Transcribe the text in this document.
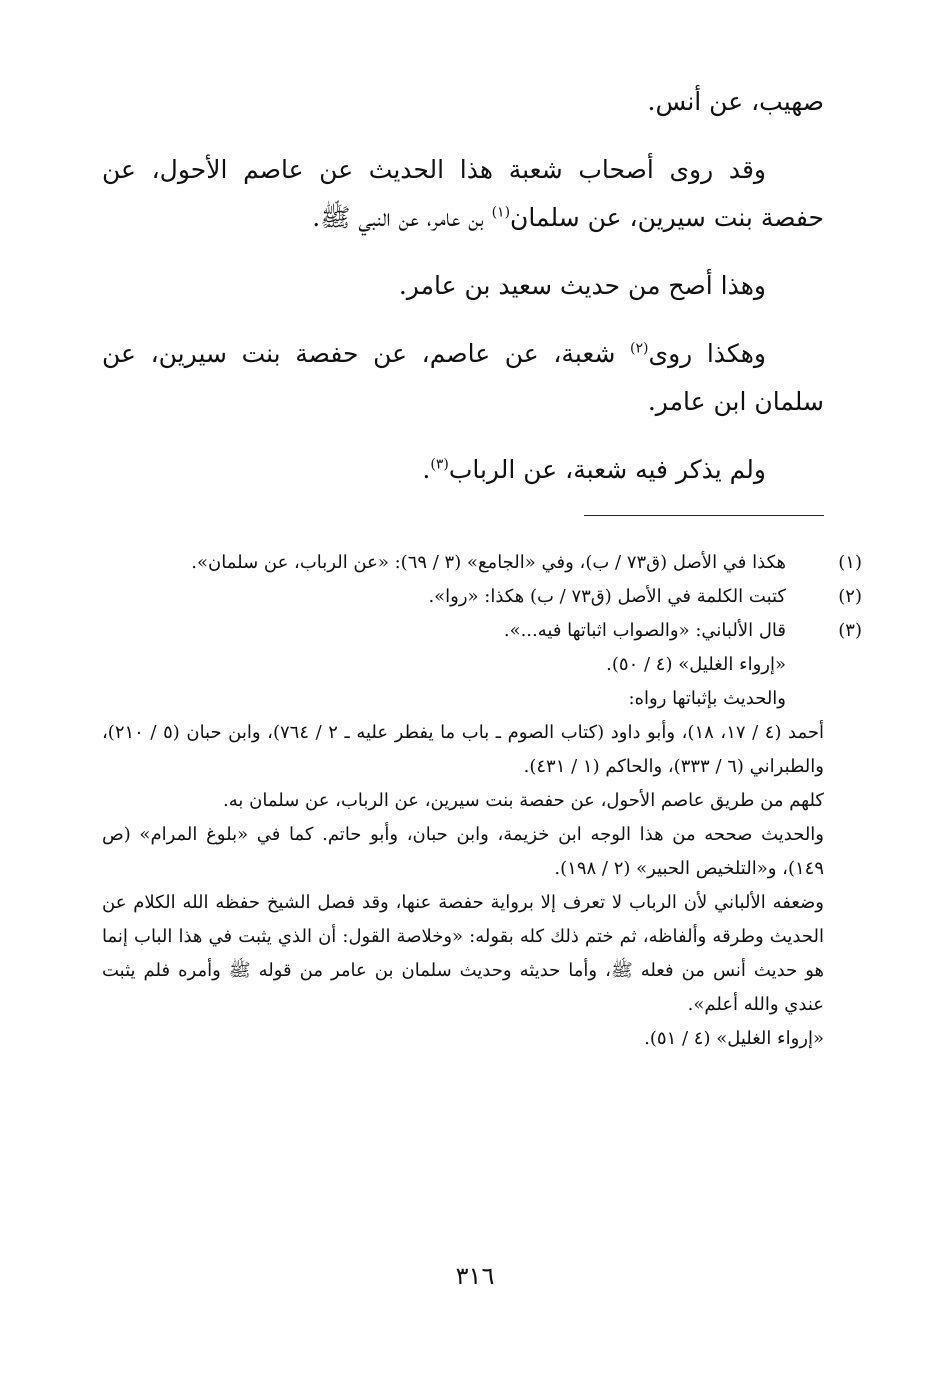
صهيب، عن أنس.

وقد روى أصحاب شعبة هذا الحديث عن عاصم الأحول، عن حفصة بنت سيرين، عن سلمان$^{(١)}$ بن عامر، عن النبي ﷺ.

وهذا أصح من حديث سعيد بن عامر.

وهكذا روى$^{(٢)}$ شعبة، عن عاصم، عن حفصة بنت سيرين، عن سلمان ابن عامر.

ولم يذكر فيه شعبة، عن الرباب$^{(٣)}$.

(١)هكذا في الأصل (ق٧٣ / ب)، وفي «الجامع» (٣ / ٦٩): «عن الرباب، عن سلمان».
(٢)كتبت الكلمة في الأصل (ق٧٣ / ب) هكذا: «روا».
(٣)قال الألباني: «والصواب اثباتها فيه...».
«إرواء الغليل» (٤ / ٥٠).
والحديث بإثباتها رواه:
أحمد (٤ / ١٧، ١٨)، وأبو داود (كتاب الصوم ـ باب ما يفطر عليه ـ ٢ / ٧٦٤)، وابن حبان (٥ / ٢١٠)، والطبراني (٦ / ٣٣٣)، والحاكم (١ / ٤٣١).
كلهم من طريق عاصم الأحول، عن حفصة بنت سيرين، عن الرباب، عن سلمان به.
والحديث صححه من هذا الوجه ابن خزيمة، وابن حبان، وأبو حاتم. كما في «بلوغ المرام» (ص ١٤٩)، و«التلخيص الحبير» (٢ / ١٩٨).
وضعفه الألباني لأن الرباب لا تعرف إلا برواية حفصة عنها، وقد فصل الشيخ حفظه الله الكلام عن الحديث وطرقه وألفاظه، ثم ختم ذلك كله بقوله: «وخلاصة القول: أن الذي يثبت في هذا الباب إنما هو حديث أنس من فعله ﷺ، وأما حديثه وحديث سلمان بن عامر من قوله ﷺ وأمره فلم يثبت عندي والله أعلم».
«إرواء الغليل» (٤ / ٥١).
٣١٦
